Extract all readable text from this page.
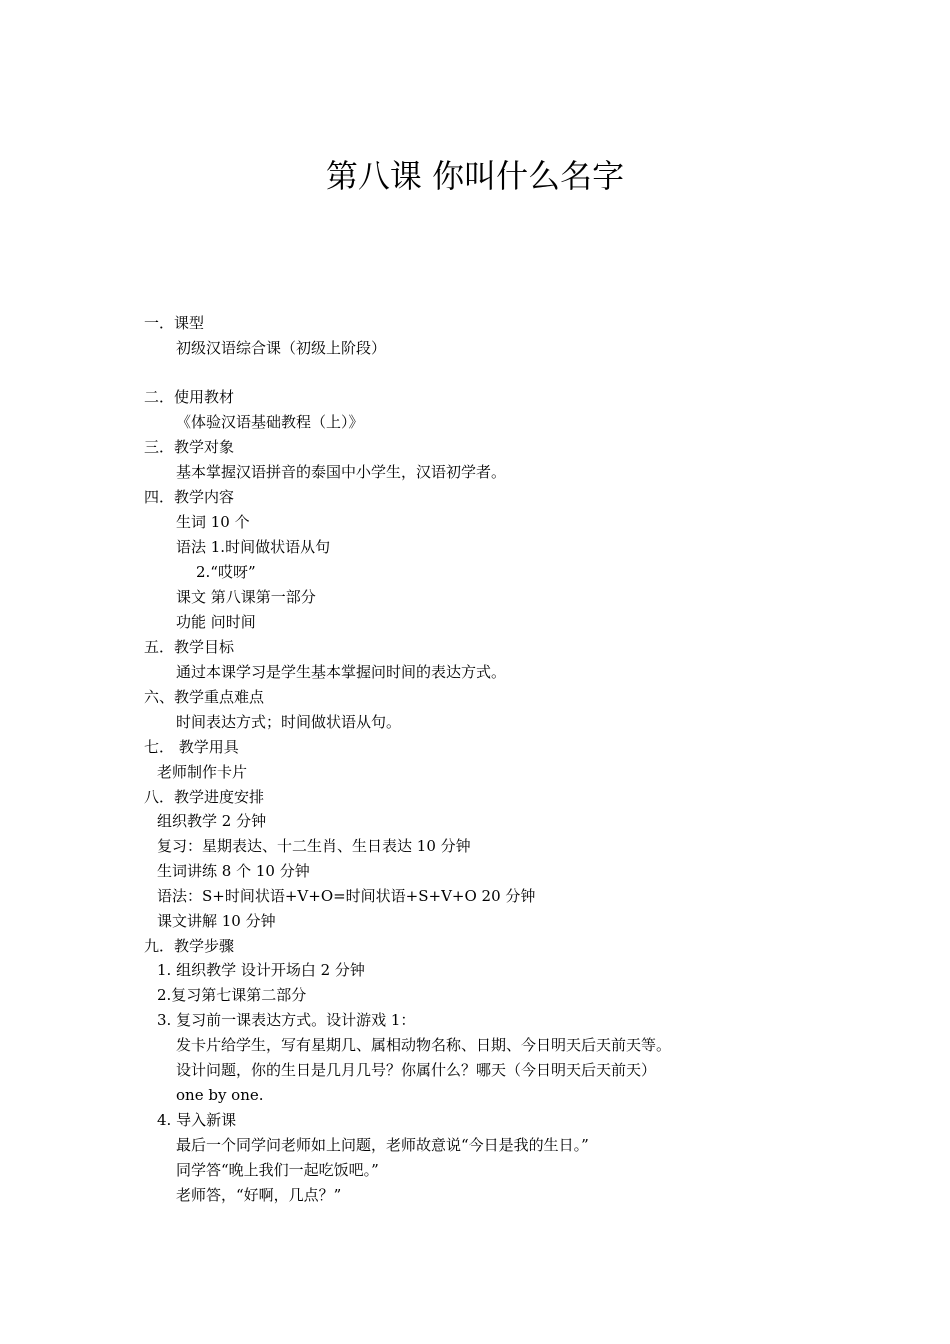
第八课 你叫什么名字
一．课型
初级汉语综合课（初级上阶段）
二．使用教材
《体验汉语基础教程（上）》
三．教学对象
基本掌握汉语拼音的泰国中小学生，汉语初学者。
四．教学内容
生词 10 个
语法 1.时间做状语从句
2.“哎呀”
课文 第八课第一部分
功能 问时间
五．教学目标
通过本课学习是学生基本掌握问时间的表达方式。
六、教学重点难点
时间表达方式；时间做状语从句。
七． 教学用具
老师制作卡片
八．教学进度安排
组织教学 2 分钟
复习：星期表达、十二生肖、生日表达 10 分钟
生词讲练 8 个 10 分钟
语法：S+时间状语+V+O=时间状语+S+V+O 20 分钟
课文讲解 10 分钟
九．教学步骤
1. 组织教学 设计开场白 2 分钟
2.复习第七课第二部分
3. 复习前一课表达方式。设计游戏 1：
发卡片给学生，写有星期几、属相动物名称、日期、今日明天后天前天等。
设计问题，你的生日是几月几号？你属什么？哪天（今日明天后天前天）
one by one.
4. 导入新课
最后一个同学问老师如上问题，老师故意说“今日是我的生日。”
同学答“晚上我们一起吃饭吧。”
老师答，“好啊，几点？”
